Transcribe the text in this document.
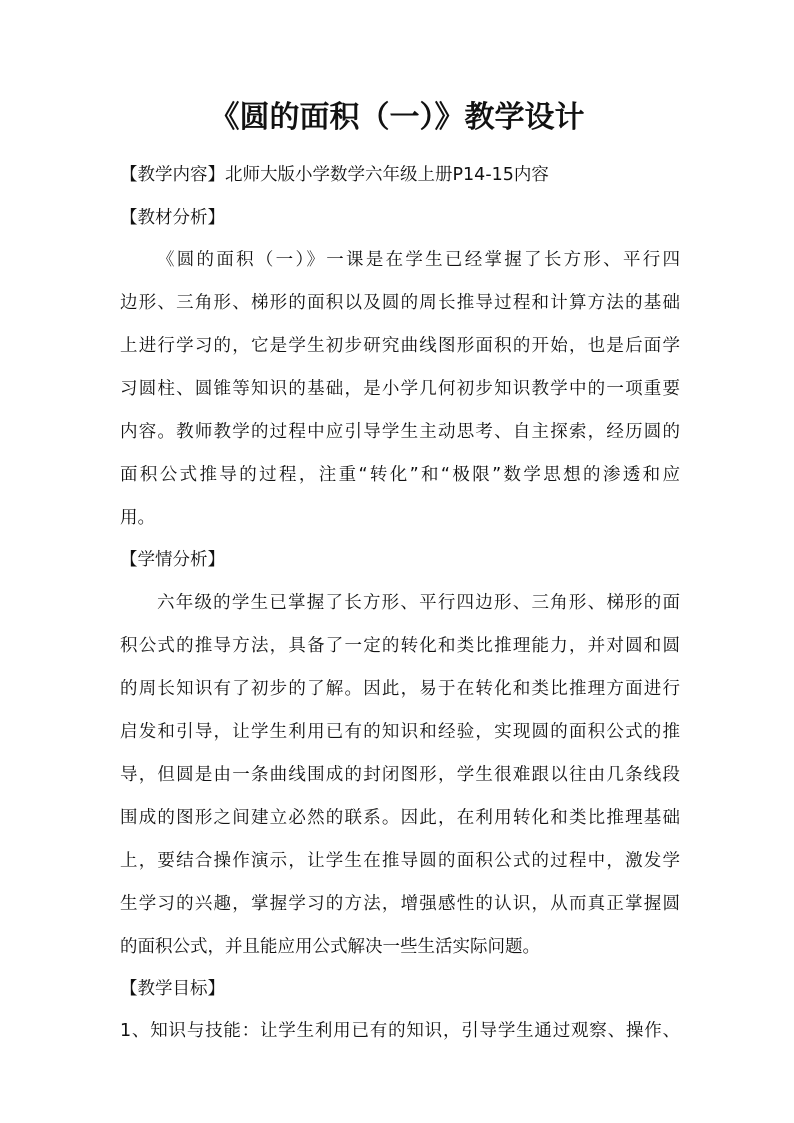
《圆的面积（一）》教学设计
【教学内容】北师大版小学数学六年级上册P14-15内容
【教材分析】
《圆的面积（一）》一课是在学生已经掌握了长方形、平行四
边形、三角形、梯形的面积以及圆的周长推导过程和计算方法的基础
上进行学习的，它是学生初步研究曲线图形面积的开始，也是后面学
习圆柱、圆锥等知识的基础，是小学几何初步知识教学中的一项重要
内容。教师教学的过程中应引导学生主动思考、自主探索，经历圆的
面积公式推导的过程，注重“转化”和“极限”数学思想的渗透和应
用。
【学情分析】
六年级的学生已掌握了长方形、平行四边形、三角形、梯形的面
积公式的推导方法，具备了一定的转化和类比推理能力，并对圆和圆
的周长知识有了初步的了解。因此，易于在转化和类比推理方面进行
启发和引导，让学生利用已有的知识和经验，实现圆的面积公式的推
导，但圆是由一条曲线围成的封闭图形，学生很难跟以往由几条线段
围成的图形之间建立必然的联系。因此，在利用转化和类比推理基础
上，要结合操作演示，让学生在推导圆的面积公式的过程中，激发学
生学习的兴趣，掌握学习的方法，增强感性的认识，从而真正掌握圆
的面积公式，并且能应用公式解决一些生活实际问题。
【教学目标】
1、知识与技能：让学生利用已有的知识，引导学生通过观察、操作、
